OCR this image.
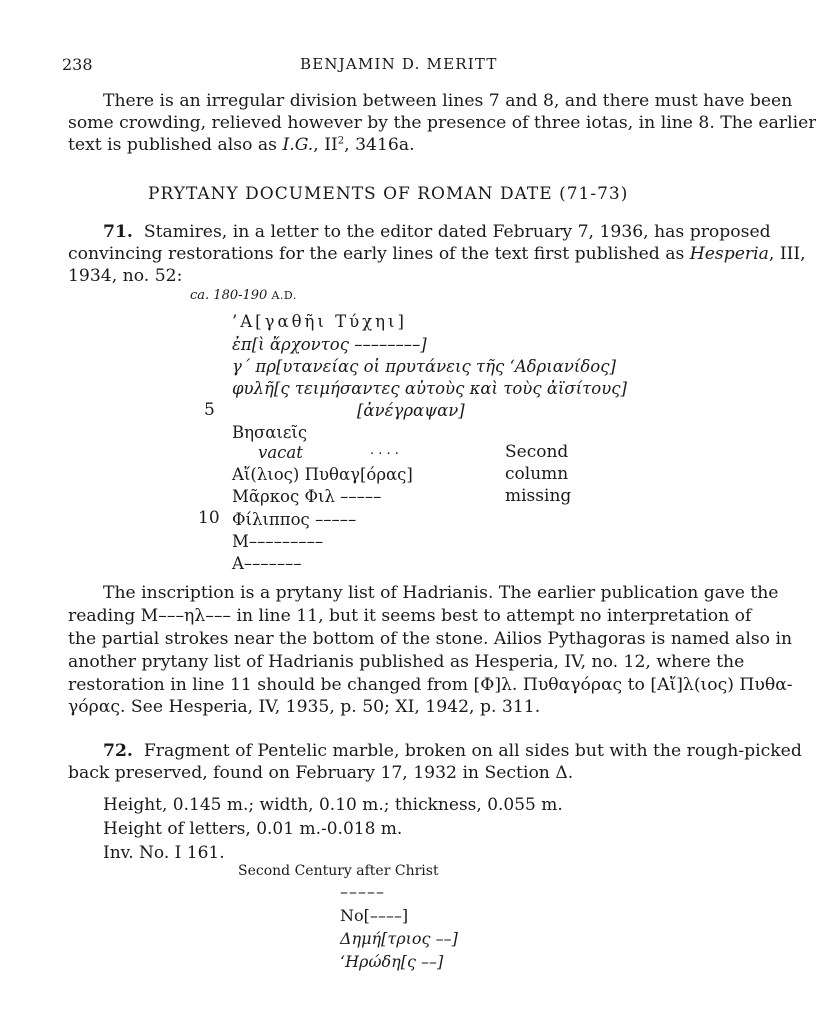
238	BENJAMIN D. MERITT
There is an irregular division between lines 7 and 8, and there must have been
some crowding, relieved however by the presence of three iotas, in line 8. The earlier
text is published also as I.G., $II^2$, 3416a.
PRYTANY DOCUMENTS OF ROMAN DATE (71-73)
71. Stamires, in a letter to the editor dated February 7, 1936, has proposed
convincing restorations for the early lines of the text first published as Hesperia, III,
1934, no. 52:
ca. 180-190 A.D.
’Α[γαθῆι Τύχηι]
ἐπ[ὶ ἄρχοντος ––––––––]
γ´ πρ[υτανείας οἱ πρυτάνεις τῆς ‘Αδριανίδος]
φυλῆ[ς τειμήσαντες αὐτοὺς καὶ τοὺς ἀϊσίτους]
5	[ἀνέγραψαν]
Βησαιεῖς
vacat	. . . .
Αἴ(λιος) Πυθαγ[όρας]
Μᾶρκος Φιλ –––––
10 Φίλιππος –––––
Μ–––––––––
Α–––––––
Second
column
missing
The inscription is a prytany list of Hadrianis. The earlier publication gave the
reading Μ–––ηλ––– in line 11, but it seems best to attempt no interpretation of
the partial strokes near the bottom of the stone. Ailios Pythagoras is named also in
another prytany list of Hadrianis published as Hesperia, IV, no. 12, where the
restoration in line 11 should be changed from [Φ]λ. Πυθαγόρας to [Αἴ]λ(ιος) Πυθα-
γόρας. See Hesperia, IV, 1935, p. 50; XI, 1942, p. 311.
72. Fragment of Pentelic marble, broken on all sides but with the rough-picked
back preserved, found on February 17, 1932 in Section Δ.
Height, 0.145 m.; width, 0.10 m.; thickness, 0.055 m.
Height of letters, 0.01 m.-0.018 m.
Inv. No. I 161.
Second Century after Christ
–––––
Νο[––––]
Δημή[τριος ––]
‘Ηρώδη[ς ––]
